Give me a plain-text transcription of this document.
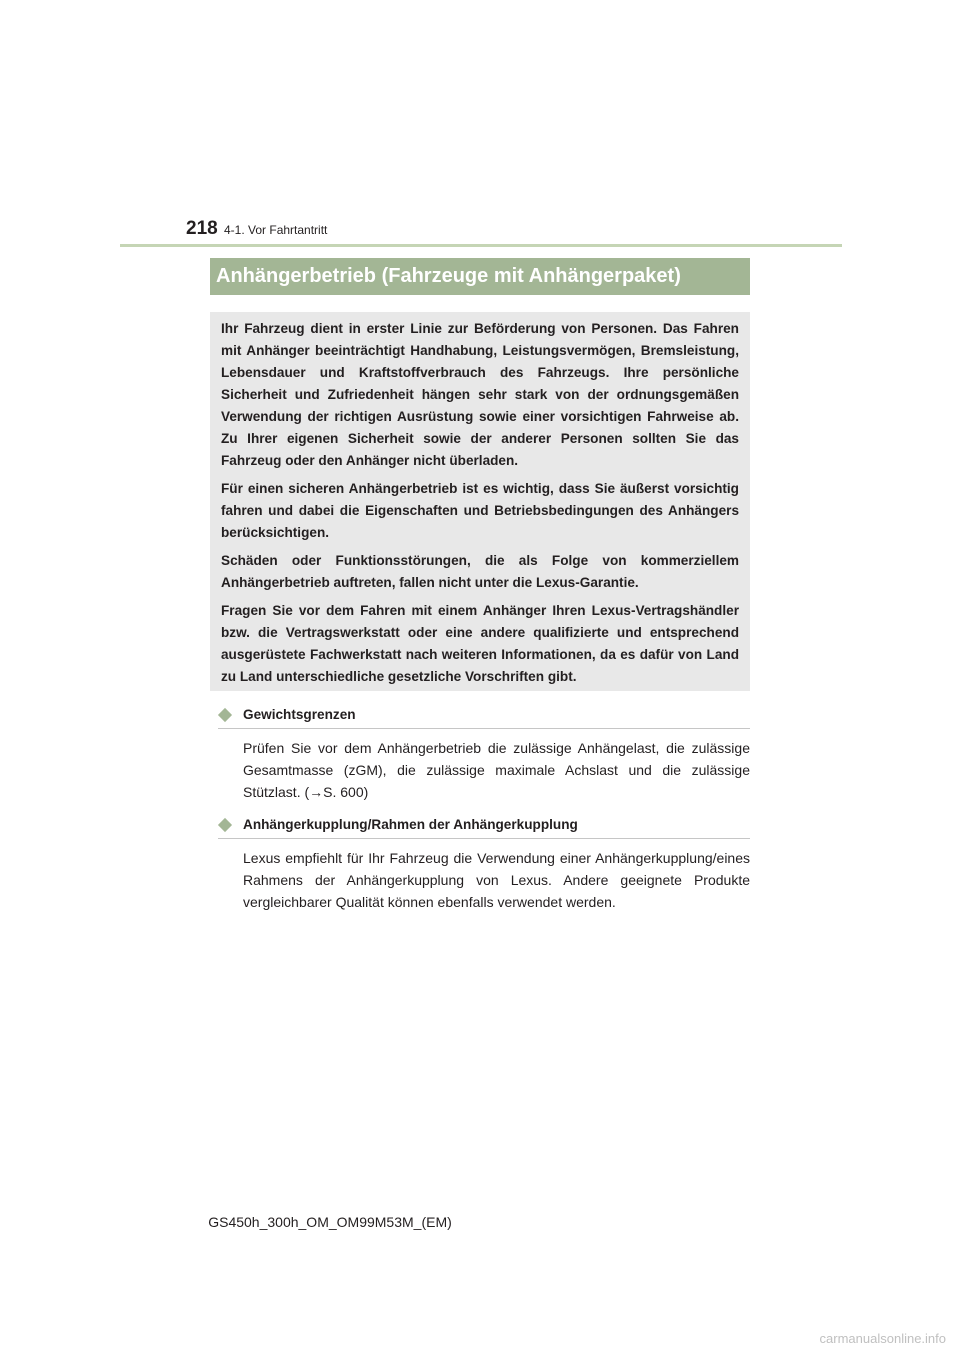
218 4-1. Vor Fahrtantritt
Anhängerbetrieb (Fahrzeuge mit Anhängerpaket)

Ihr Fahrzeug dient in erster Linie zur Beförderung von Personen. Das Fahren mit Anhänger beeinträchtigt Handhabung, Leistungsvermögen, Bremsleistung, Lebensdauer und Kraftstoffverbrauch des Fahrzeugs. Ihre persönliche Sicherheit und Zufriedenheit hängen sehr stark von der ordnungsgemäßen Verwendung der richtigen Ausrüstung sowie einer vorsichtigen Fahrweise ab. Zu Ihrer eigenen Sicherheit sowie der anderer Personen sollten Sie das Fahrzeug oder den Anhänger nicht überladen.

Für einen sicheren Anhängerbetrieb ist es wichtig, dass Sie äußerst vorsichtig fahren und dabei die Eigenschaften und Betriebsbedingungen des Anhängers berücksichtigen.

Schäden oder Funktionsstörungen, die als Folge von kommerziellem Anhängerbetrieb auftreten, fallen nicht unter die Lexus-Garantie.

Fragen Sie vor dem Fahren mit einem Anhänger Ihren Lexus-Vertragshändler bzw. die Vertragswerkstatt oder eine andere qualifizierte und entsprechend ausgerüstete Fachwerkstatt nach weiteren Informationen, da es dafür von Land zu Land unterschiedliche gesetzliche Vorschriften gibt.

Gewichtsgrenzen
Prüfen Sie vor dem Anhängerbetrieb die zulässige Anhängelast, die zulässige Gesamtmasse (zGM), die zulässige maximale Achslast und die zulässige Stützlast. (→S. 600)
Anhängerkupplung/Rahmen der Anhängerkupplung
Lexus empfiehlt für Ihr Fahrzeug die Verwendung einer Anhängerkupplung/eines Rahmens der Anhängerkupplung von Lexus. Andere geeignete Produkte vergleichbarer Qualität können ebenfalls verwendet werden.
GS450h_300h_OM_OM99M53M_(EM)
carmanualsonline.info
